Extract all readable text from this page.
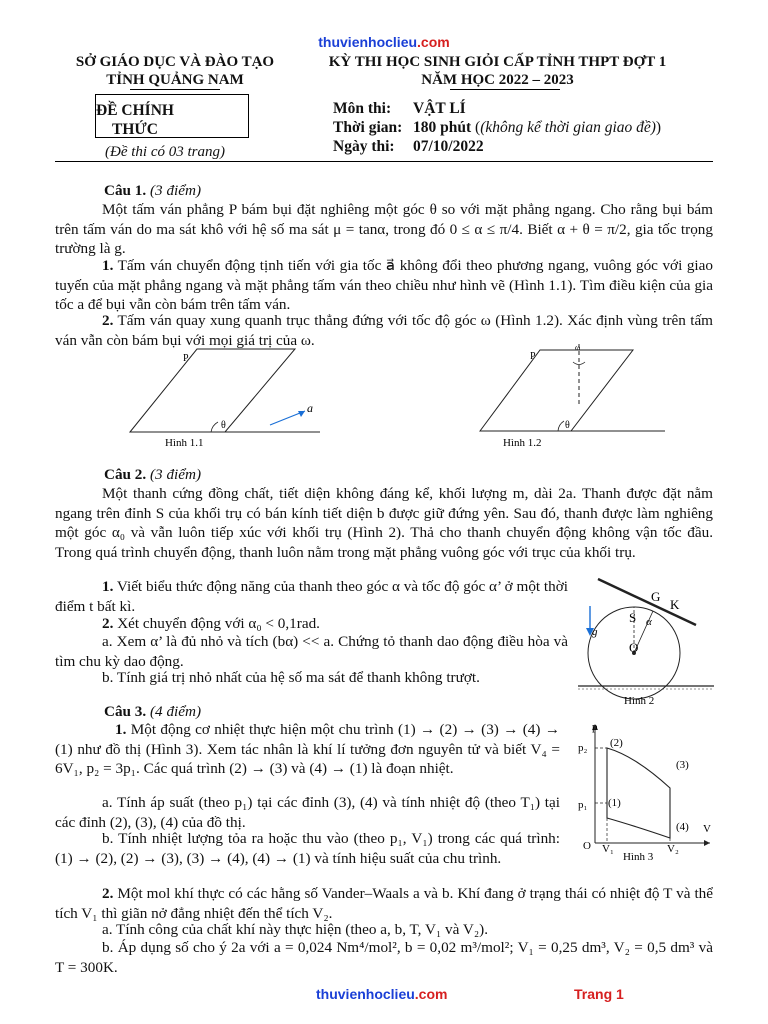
thuvienhoclieu.com
SỞ GIÁO DỤC VÀ ĐÀO TẠO
TỈNH QUẢNG NAM
KỲ THI HỌC SINH GIỎI CẤP TỈNH THPT ĐỢT 1
NĂM HỌC 2022 – 2023
ĐỀ CHÍNH
THỨC
(Đề thi có 03 trang)
Môn thi: VẬT LÍ
Thời gian: 180 phút ((không kể thời gian giao đề))
Ngày thi: 07/10/2022
Câu 1. (3 điểm)
Một tấm ván phẳng P bám bụi đặt nghiêng một góc θ so với mặt phẳng ngang. Cho rằng bụi bám trên tấm ván do ma sát khô với hệ số ma sát μ = tanα, trong đó 0 ≤ α ≤ π/4. Biết α + θ = π/2, gia tốc trọng trường là g.
1. Tấm ván chuyển động tịnh tiến với gia tốc a⃗ không đổi theo phương ngang, vuông góc với giao tuyến của mặt phẳng ngang và mặt phẳng tấm ván theo chiều như hình vẽ (Hình 1.1). Tìm điều kiện của gia tốc a để bụi vẫn còn bám trên tấm ván.
2. Tấm ván quay xung quanh trục thẳng đứng với tốc độ góc ω (Hình 1.2). Xác định vùng trên tấm ván vẫn còn bám bụi với mọi giá trị của ω.
P
θ
a⃗
Hình 1.1
ω
P
θ
Hình 1.2
Câu 2. (3 điểm)
Một thanh cứng đồng chất, tiết diện không đáng kể, khối lượng m, dài 2a. Thanh được đặt nằm ngang trên đỉnh S của khối trụ có bán kính tiết diện b được giữ đứng yên. Sau đó, thanh được làm nghiêng một góc α₀ và vẫn luôn tiếp xúc với khối trụ (Hình 2). Thả cho thanh chuyển động không vận tốc đầu. Trong quá trình chuyển động, thanh luôn nằm trong mặt phẳng vuông góc với trục của khối trụ.
1. Viết biểu thức động năng của thanh theo góc α và tốc độ góc α’ ở một thời điểm t bất kì.
2. Xét chuyển động với α₀ < 0,1rad.
a. Xem α’ là đủ nhỏ và tích (bα) << a. Chứng tỏ thanh dao động điều hòa và tìm chu kỳ dao động.
b. Tính giá trị nhỏ nhất của hệ số ma sát để thanh không trượt.
g⃗
G
K
S α
O
Hình 2
Câu 3. (4 điểm)
1. Một động cơ nhiệt thực hiện một chu trình (1) → (2) → (3) → (4) → (1) như đồ thị (Hình 3). Xem tác nhân là khí lí tưởng đơn nguyên tử và biết V₄ = 6V₁, p₂ = 3p₁. Các quá trình (2) → (3) và (4) → (1) là đoạn nhiệt.
a. Tính áp suất (theo p₁) tại các đỉnh (3), (4) và tính nhiệt độ (theo T₁) tại các đỉnh (2), (3), (4) của đồ thị.
b. Tính nhiệt lượng tỏa ra hoặc thu vào (theo p₁, V₁) trong các quá trình: (1) → (2), (2) → (3), (3) → (4), (4) → (1) và tính hiệu suất của chu trình.
2. Một mol khí thực có các hằng số Vander–Waals a và b. Khí đang ở trạng thái có nhiệt độ T và thể tích V₁ thì giãn nở đẳng nhiệt đến thể tích V₂.
a. Tính công của chất khí này thực hiện (theo a, b, T, V₁ và V₂).
b. Áp dụng số cho ý 2a với a = 0,024 Nm⁴/mol², b = 0,02 m³/mol²; V₁ = 0,25 dm³, V₂ = 0,5 dm³ và T = 300K.
p
V
p₂
p₁
O V₁	V₂
(2)
(3)
(4)
(1)
Hình 3
thuvienhoclieu.com	Trang 1
